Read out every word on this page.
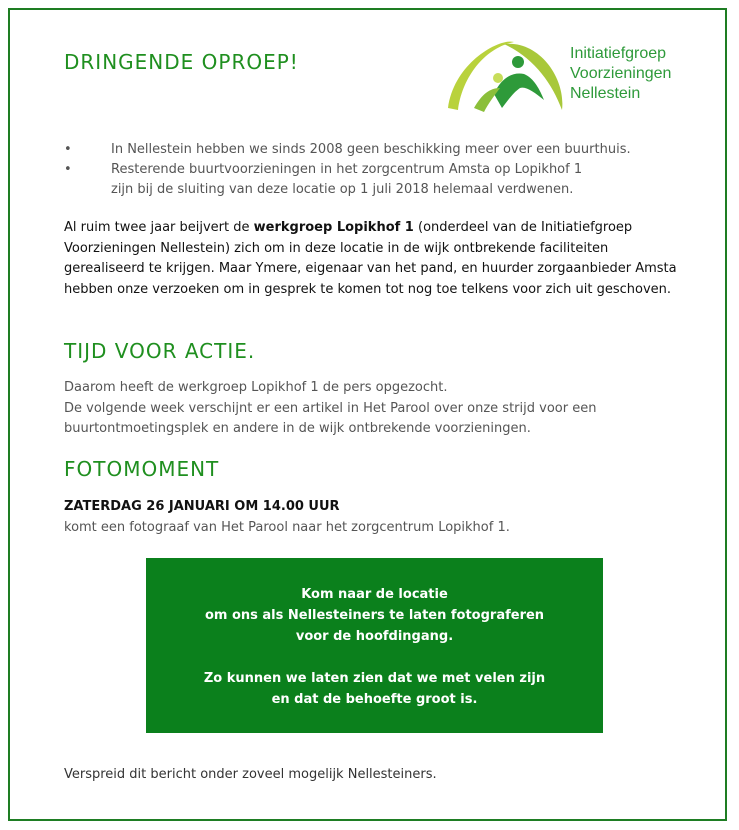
DRINGENDE OPROEP!	Initiatiefgroep
Voorzieningen
Nellestein
•	In Nellestein hebben we sinds 2008 geen beschikking meer over een buurthuis.
•	Resterende buurtvoorzieningen in het zorgcentrum Amsta op Lopikhof 1
zijn bij de sluiting van deze locatie op 1 juli 2018 helemaal verdwenen.

Al ruim twee jaar beijvert de werkgroep Lopikhof 1 (onderdeel van de Initiatiefgroep Voorzieningen Nellestein) zich om in deze locatie in de wijk ontbrekende faciliteiten gerealiseerd te krijgen. Maar Ymere, eigenaar van het pand, en huurder zorgaanbieder Amsta hebben onze verzoeken om in gesprek te komen tot nog toe telkens voor zich uit geschoven.

TIJD VOOR ACTIE.
Daarom heeft de werkgroep Lopikhof 1 de pers opgezocht.
De volgende week verschijnt er een artikel in Het Parool over onze strijd voor een
buurtontmoetingsplek en andere in de wijk ontbrekende voorzieningen.
FOTOMOMENT
ZATERDAG 26 JANUARI OM 14.00 UUR
komt een fotograaf van Het Parool naar het zorgcentrum Lopikhof 1.
Kom naar de locatie
om ons als Nellesteiners te laten fotograferen
voor de hoofdingang.
Zo kunnen we laten zien dat we met velen zijn
en dat de behoefte groot is.

Verspreid dit bericht onder zoveel mogelijk Nellesteiners.
